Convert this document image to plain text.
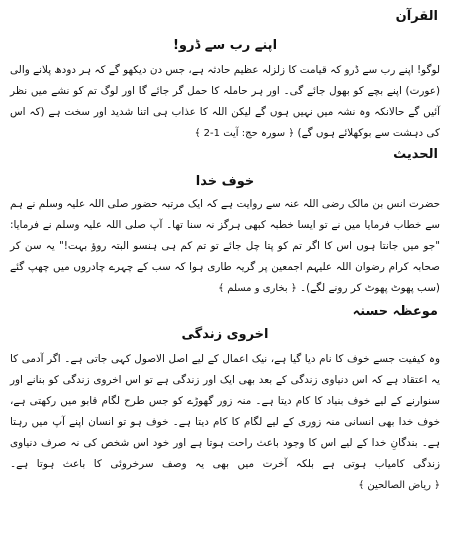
القرآن
اپنے رب سے ڈرو!

لوگو! اپنے رب سے ڈرو کہ قیامت کا زلزلہ عظیم حادثہ ہے، جس دن دیکھو گے کہ ہر دودھ پلانے والی (عورت) اپنے بچے کو بھول جائے گی۔ اور ہر حاملہ کا حمل گر جائے گا اور لوگ تم کو نشے میں نظر آئیں گے حالانکہ وہ نشہ میں نہیں ہوں گے لیکن اللہ کا عذاب ہی اتنا شدید اور سخت ہے (کہ اس کی دہشت سے بوکھلائے ہوں گے) ﴿ سورہ حج: آیت 1-2 ﴾

الحدیث
خوف خدا

حضرت انس بن مالک رضی اللہ عنہ سے روایت ہے کہ ایک مرتبہ حضور صلی اللہ علیہ وسلم نے ہم سے خطاب فرمایا میں نے تو ایسا خطبہ کبھی ہرگز نہ سنا تھا۔ آپ صلی اللہ علیہ وسلم نے فرمایا: "جو میں جانتا ہوں اس کا اگر تم کو پتا چل جائے تو تم کم ہی ہنسو البتہ روؤ بہت!" یہ سن کر صحابہ کرام رضوان اللہ علیہم اجمعین پر گریہ طاری ہوا کہ سب کے چہرے چادروں میں چھپ گئے (سب پھوٹ پھوٹ کر رونے لگے)۔ ﴿ بخاری و مسلم ﴾

موعظہ حسنہ
اخروی زندگی

وہ کیفیت جسے خوف کا نام دیا گیا ہے، نیک اعمال کے لیے اصل الاصول کہی جاتی ہے۔ اگر آدمی کا یہ اعتقاد ہے کہ اس دنیاوی زندگی کے بعد بھی ایک اور زندگی ہے تو اس اخروی زندگی کو بنانے اور سنوارنے کے لیے خوف بنیاد کا کام دیتا ہے۔ منہ زور گھوڑے کو جس طرح لگام قابو میں رکھتی ہے، خوف خدا بھی انسانی منہ زوری کے لیے لگام کا کام دیتا ہے۔ خوف ہو تو انسان اپنے آپ میں رہتا ہے۔ بندگانِ خدا کے لیے اس کا وجود باعث راحت ہوتا ہے اور خود اس شخص کی نہ صرف دنیاوی زندگی کامیاب ہوتی ہے بلکہ آخرت میں بھی یہ وصف سرخروئی کا باعث ہوتا ہے۔ ﴿ ریاض الصالحین ﴾
